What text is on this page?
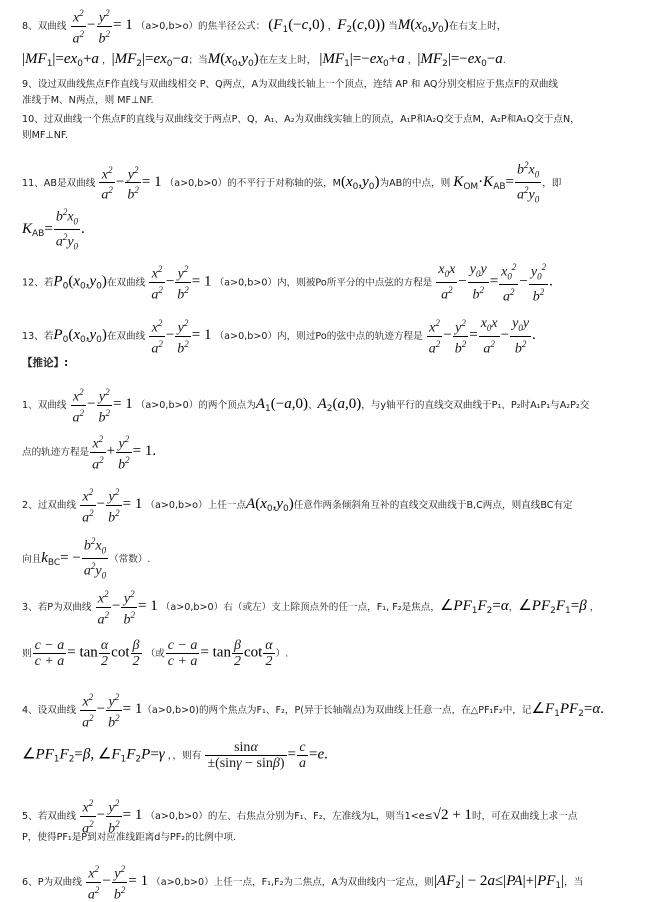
8、双曲线 $\frac{x^2}{a^2} - \frac{y^2}{b^2} = 1$ （a>0,b>o）的焦半径公式： ($F_1(-c,0)$ ，$F_2(c,0)$) 当$M(x_0,y_0)$在右支上时，
$|MF_1|=ex_0+a$ ，$|MF_2|=ex_0-a$；当$M(x_0,y_0)$在左支上时， $|MF_1|=-ex_0+a$ ，$|MF_2|=-ex_0-a$.
9、设过双曲线焦点F作直线与双曲线相交 P、Q两点，A为双曲线长轴上一个顶点，连结 AP 和 AQ分别交相应于焦点F的双曲线
准线于M、N两点，则 MF⊥NF.
10、过双曲线一个焦点F的直线与双曲线交于两点P、Q，A₁、A₂为双曲线实轴上的顶点，A₁P和A₂Q交于点M，A₂P和A₁Q交于点N，
则MF⊥NF.
11、AB是双曲线 $\frac{x^2}{a^2} - \frac{y^2}{b^2} = 1$ （a>0,b>0）的不平行于对称轴的弦，$M(x_0,y_0)$为AB的中点，则 $K_{OM}\cdot K_{AB}= \frac{b^2x_0}{a^2y_0}$ ，即
$K_{AB}= \frac{b^2x_0}{a^2y_0}$ .
12、若$P_0(x_0,y_0)$在双曲线 $\frac{x^2}{a^2} - \frac{y^2}{b^2} = 1$ （a>0,b>0）内，则被Po所平分的中点弦的方程是 $\frac{x_0x}{a^2} - \frac{y_0y}{b^2} = \frac{x_0^2}{a^2} - \frac{y_0^2}{b^2}$ .
13、若$P_0(x_0,y_0)$在双曲线 $\frac{x^2}{a^2} - \frac{y^2}{b^2} = 1$ （a>0,b>0）内，则过Po的弦中点的轨迹方程是 $\frac{x^2}{a^2} - \frac{y^2}{b^2} = \frac{x_0x}{a^2} - \frac{y_0y}{b^2}$ .
【推论】:
1、双曲线 $\frac{x^2}{a^2} - \frac{y^2}{b^2} = 1$ （a>0,b>0）的两个顶点为$A_1(-a,0)$、$A_2(a,0)$，与y轴平行的直线交双曲线于P₁、P₂时A₁P₁与A₂P₂交
点的轨迹方程是 $\frac{x^2}{a^2} + \frac{y^2}{b^2} = 1$.
2、过双曲线 $\frac{x^2}{a^2} - \frac{y^2}{b^2} = 1$ （a>0,b>o）上任一点$A(x_0,y_0)$任意作两条倾斜角互补的直线交双曲线于B,C两点，则直线BC有定
向且$k_{BC}= - \frac{b^2x_0}{a^2y_0}$ （常数）.
3、若P为双曲线 $\frac{x^2}{a^2} - \frac{y^2}{b^2} = 1$ （a>0,b>0）右（或左）支上除顶点外的任一点，F₁, F₂是焦点，$\angle PF_1F_2=\alpha$，$\angle PF_2F_1=\beta$ ，
则 $\frac{c - a}{c + a} = \tan \frac{\alpha}{2}$ $\cot \frac{\beta}{2}$ （或 $\frac{c - a}{c + a} = \tan \frac{\beta}{2}$ $\cot \frac{\alpha}{2}$ ）.
4、设双曲线 $\frac{x^2}{a^2} - \frac{y^2}{b^2} = 1(a>0,b>0)$的两个焦点为F₁、F₂，P(异于长轴端点)为双曲线上任意一点，在△PF₁F₂中，记$\angle F_1PF_2=\alpha$.
$\angle PF_1F_2=\beta$, $\angle F_1F_2P=\gamma$ ，，则有 $\frac{\sin\alpha}{\pm(\sin\gamma - \sin\beta)} = \frac{c}{a} =e$.
5、若双曲线 $\frac{x^2}{a^2} - \frac{y^2}{b^2} = 1$ （a>0,b>0）的左、右焦点分别为F₁、F₂，左准线为L，则当1<e≤√2 + 1时，可在双曲线上求一点
P，使得PF₁是P到对应准线距离d与PF₂的比例中项.
6、P为双曲线 $\frac{x^2}{a^2} - \frac{y^2}{b^2} = 1$ （a>0,b>0）上任一点，F₁,F₂为二焦点，A为双曲线内一定点，则$|AF_2| - 2a\le|PA|+|PF_1|$，当
